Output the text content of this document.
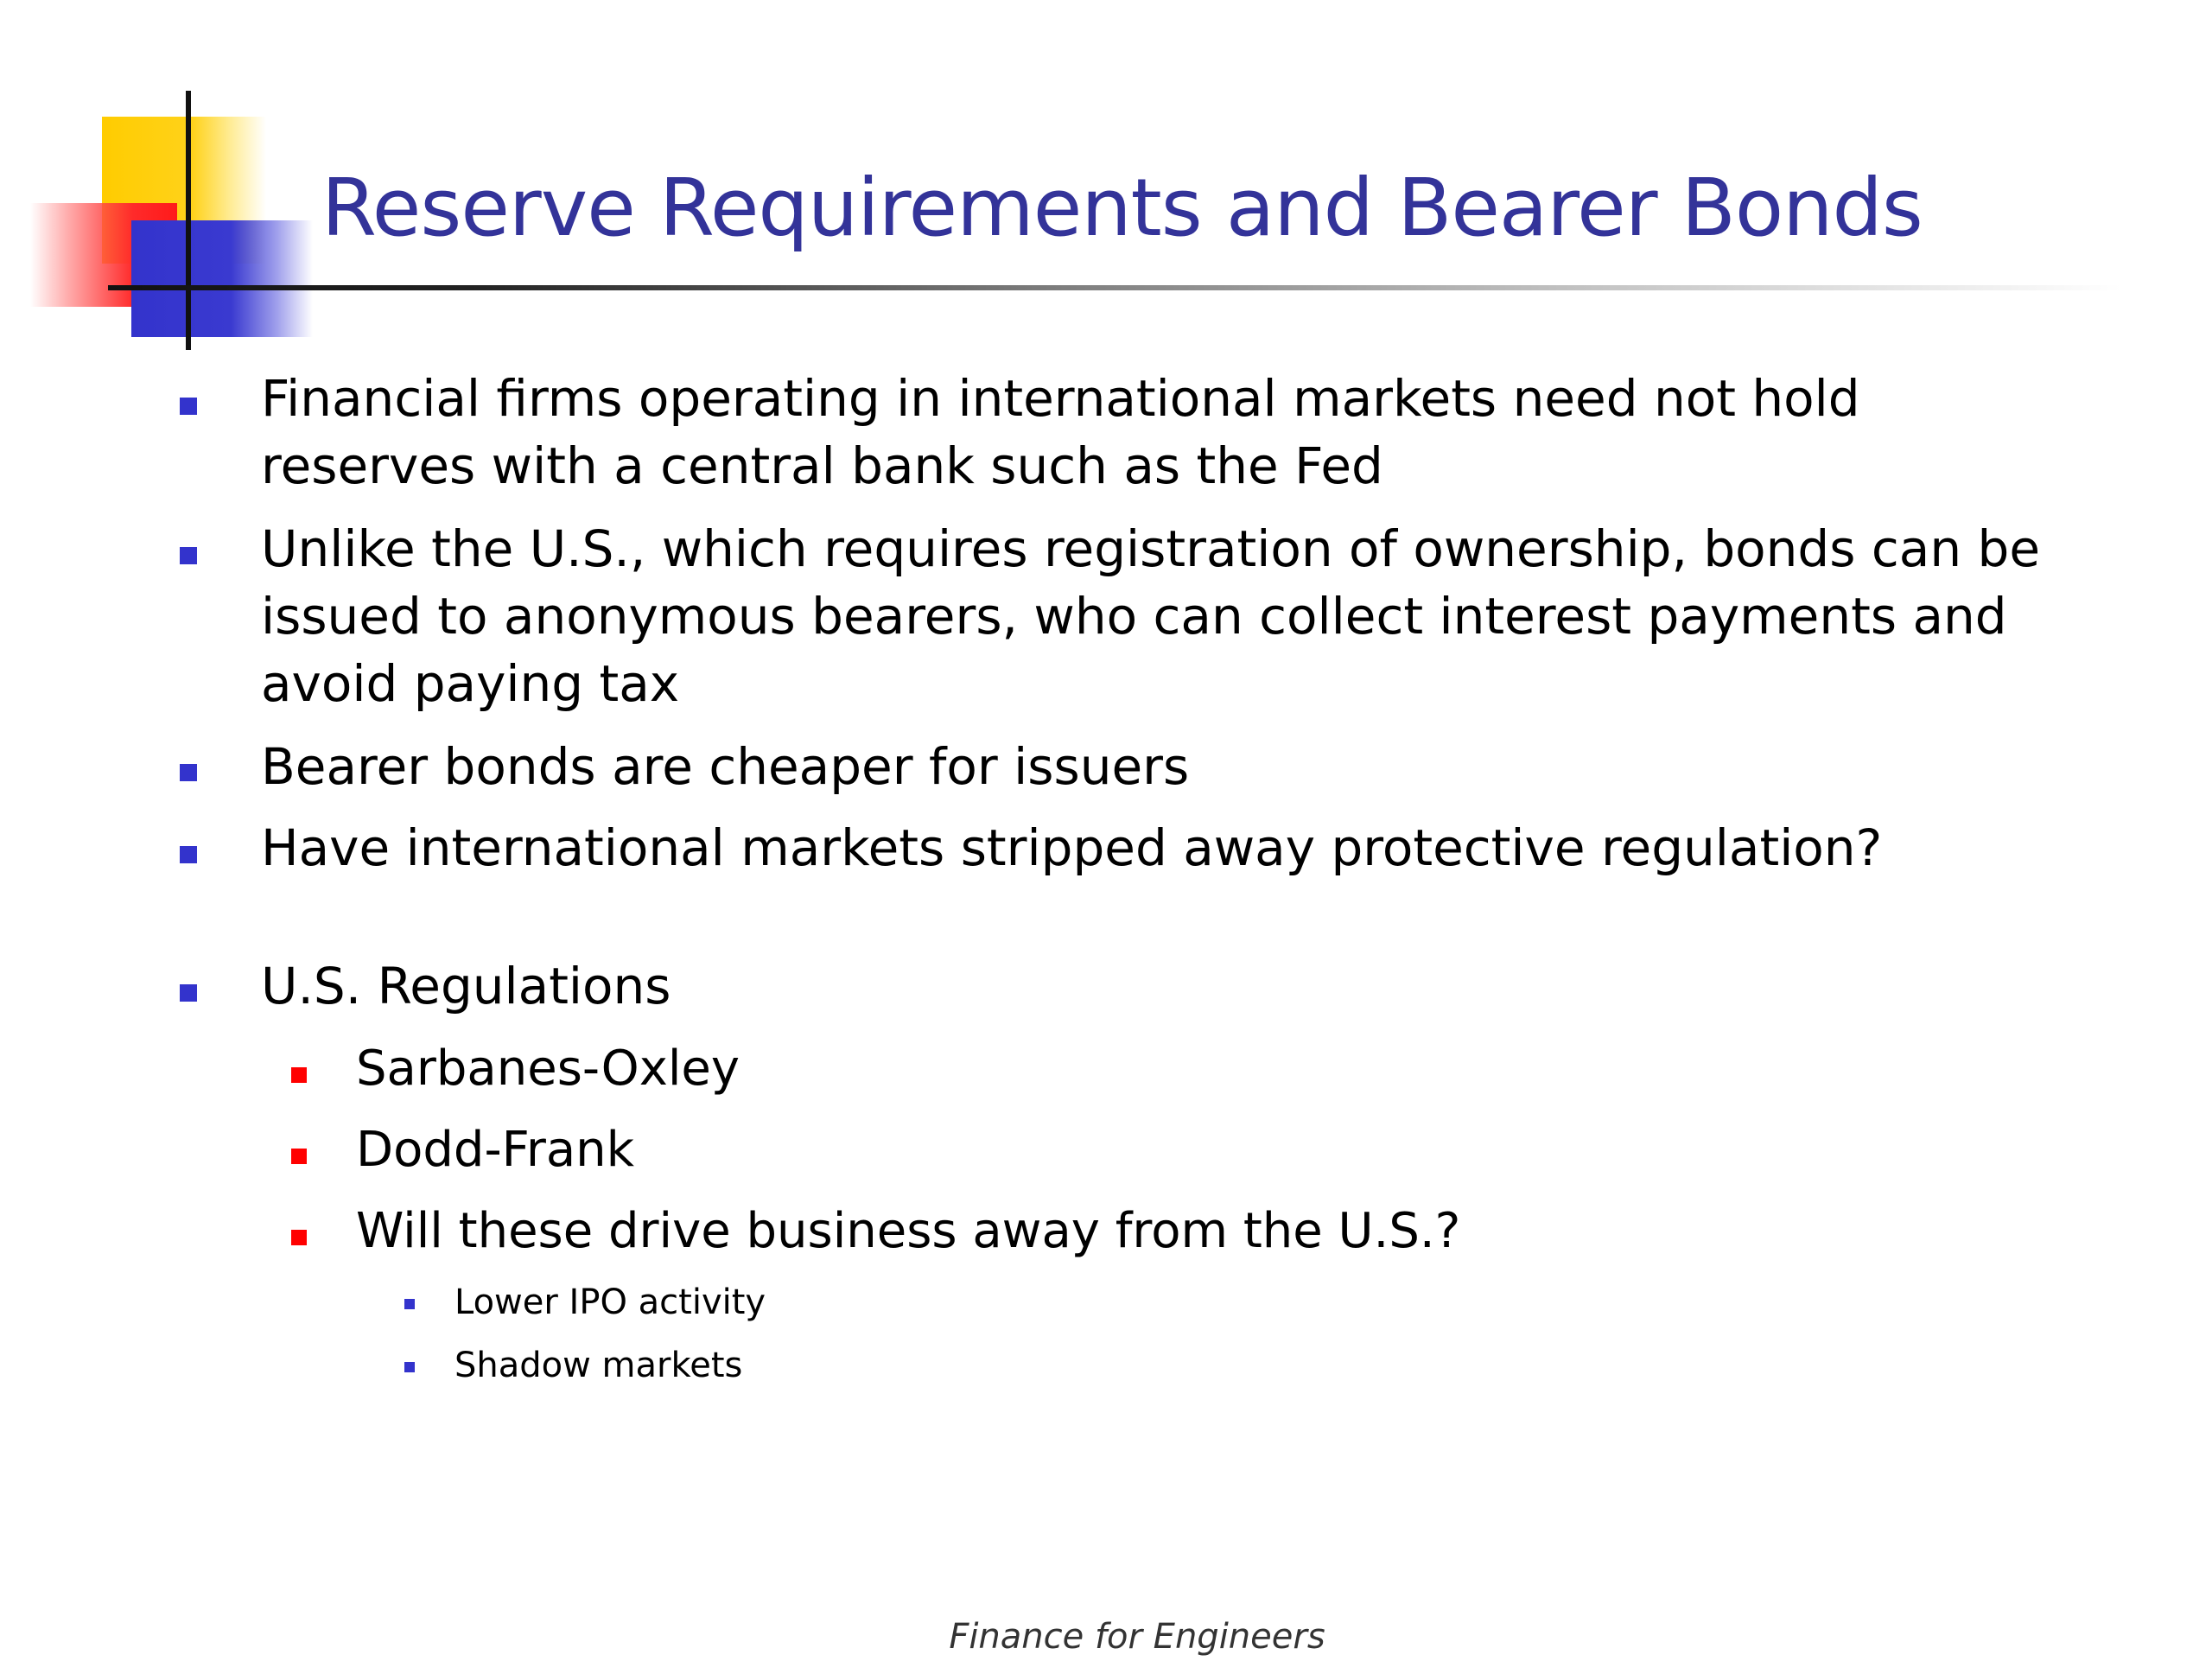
Reserve Requirements and Bearer Bonds
Financial firms operating in international markets need not hold reserves with a central bank such as the Fed
Unlike the U.S., which requires registration of ownership, bonds can be issued to anonymous bearers, who can collect interest payments and avoid paying tax
Bearer bonds are cheaper for issuers
Have international markets stripped away protective regulation?
U.S. Regulations
Sarbanes-Oxley
Dodd-Frank
Will these drive business away from the U.S.?
Lower IPO activity
Shadow markets
Finance for Engineers
